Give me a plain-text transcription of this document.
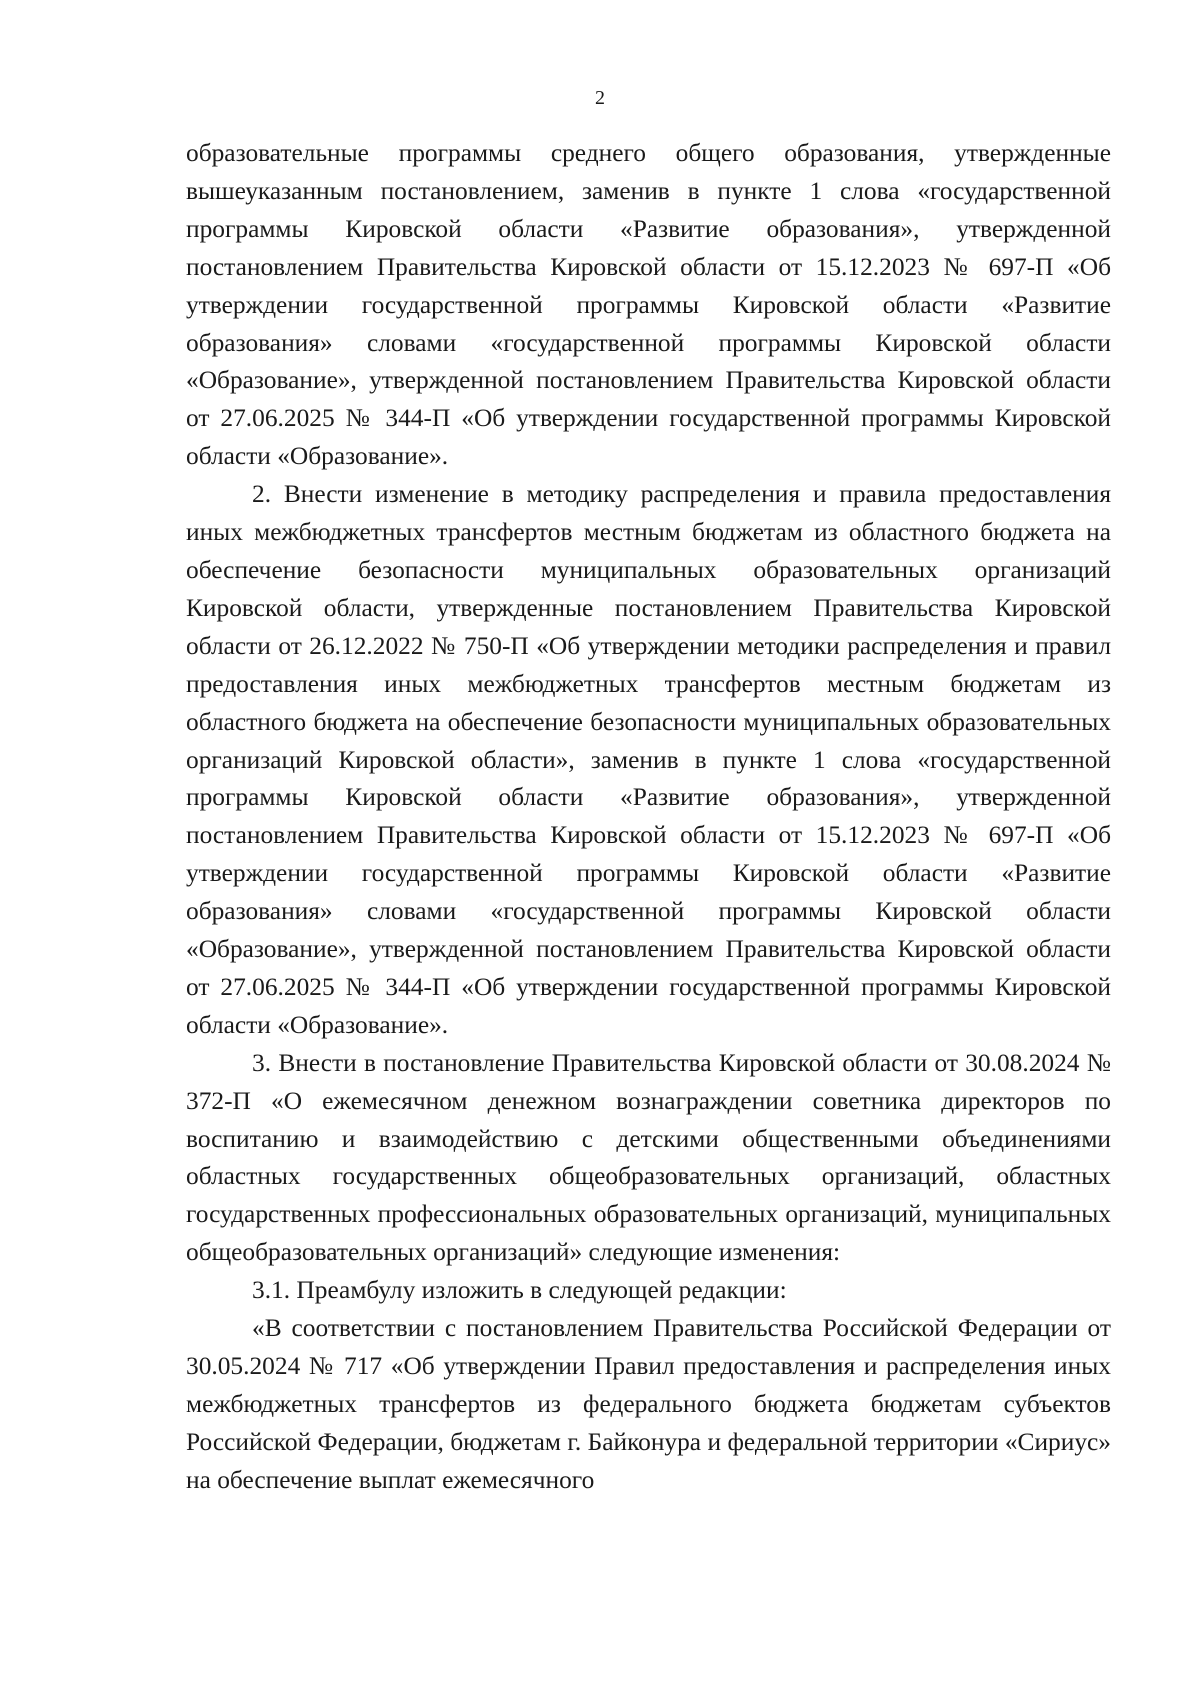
2

образовательные программы среднего общего образования, утвержденные вышеуказанным постановлением, заменив в пункте 1 слова «государственной программы Кировской области «Развитие образования», утвержденной постановлением Правительства Кировской области от 15.12.2023 № 697-П «Об утверждении государственной программы Кировской области «Развитие образования» словами «государственной программы Кировской области «Образование», утвержденной постановлением Правительства Кировской области от 27.06.2025 № 344-П «Об утверждении государственной программы Кировской области «Образование».

2. Внести изменение в методику распределения и правила предоставления иных межбюджетных трансфертов местным бюджетам из областного бюджета на обеспечение безопасности муниципальных образовательных организаций Кировской области, утвержденные постановлением Правительства Кировской области от 26.12.2022 № 750-П «Об утверждении методики распределения и правил предоставления иных межбюджетных трансфертов местным бюджетам из областного бюджета на обеспечение безопасности муниципальных образовательных организаций Кировской области», заменив в пункте 1 слова «государственной программы Кировской области «Развитие образования», утвержденной постановлением Правительства Кировской области от 15.12.2023 № 697-П «Об утверждении государственной программы Кировской области «Развитие образования» словами «государственной программы Кировской области «Образование», утвержденной постановлением Правительства Кировской области от 27.06.2025 № 344-П «Об утверждении государственной программы Кировской области «Образование».

3. Внести в постановление Правительства Кировской области от 30.08.2024 № 372-П «О ежемесячном денежном вознаграждении советника директоров по воспитанию и взаимодействию с детскими общественными объединениями областных государственных общеобразовательных организаций, областных государственных профессиональных образовательных организаций, муниципальных общеобразовательных организаций» следующие изменения:

3.1. Преамбулу изложить в следующей редакции:

«В соответствии с постановлением Правительства Российской Федерации от 30.05.2024 № 717 «Об утверждении Правил предоставления и распределения иных межбюджетных трансфертов из федерального бюджета бюджетам субъектов Российской Федерации, бюджетам г. Байконура и федеральной территории «Сириус» на обеспечение выплат ежемесячного
